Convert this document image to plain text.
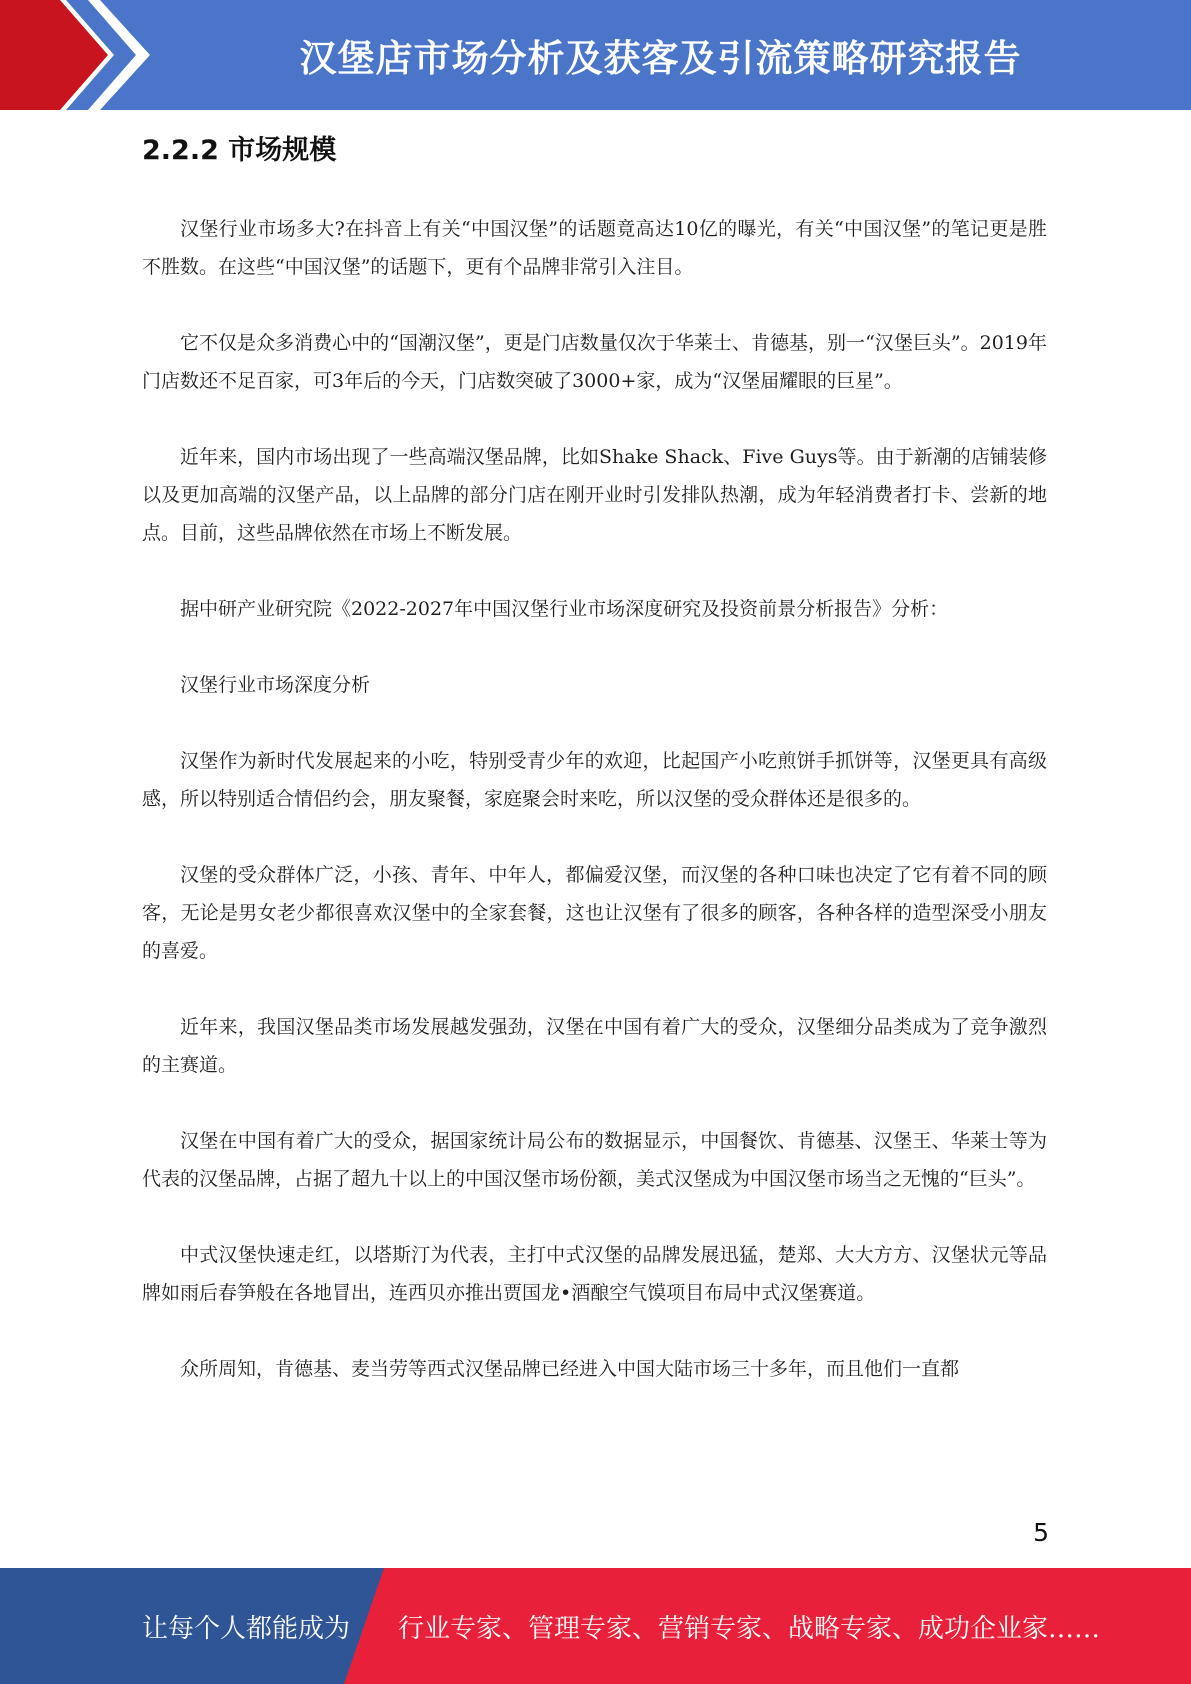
汉堡店市场分析及获客及引流策略研究报告
2.2.2 市场规模

汉堡行业市场多大?在抖音上有关“中国汉堡”的话题竟高达10亿的曝光，有关“中国汉堡”的笔记更是胜不胜数。在这些“中国汉堡”的话题下，更有个品牌非常引入注目。

它不仅是众多消费心中的“国潮汉堡”，更是门店数量仅次于华莱士、肯德基，别一“汉堡巨头”。2019年门店数还不足百家，可3年后的今天，门店数突破了3000+家，成为“汉堡届耀眼的巨星”。

近年来，国内市场出现了一些高端汉堡品牌，比如Shake Shack、Five Guys等。由于新潮的店铺装修以及更加高端的汉堡产品，以上品牌的部分门店在刚开业时引发排队热潮，成为年轻消费者打卡、尝新的地点。目前，这些品牌依然在市场上不断发展。

据中研产业研究院《2022-2027年中国汉堡行业市场深度研究及投资前景分析报告》分析：

汉堡行业市场深度分析

汉堡作为新时代发展起来的小吃，特别受青少年的欢迎，比起国产小吃煎饼手抓饼等，汉堡更具有高级感，所以特别适合情侣约会，朋友聚餐，家庭聚会时来吃，所以汉堡的受众群体还是很多的。

汉堡的受众群体广泛，小孩、青年、中年人，都偏爱汉堡，而汉堡的各种口味也决定了它有着不同的顾客，无论是男女老少都很喜欢汉堡中的全家套餐，这也让汉堡有了很多的顾客，各种各样的造型深受小朋友的喜爱。

近年来，我国汉堡品类市场发展越发强劲，汉堡在中国有着广大的受众，汉堡细分品类成为了竞争激烈的主赛道。

汉堡在中国有着广大的受众，据国家统计局公布的数据显示，中国餐饮、肯德基、汉堡王、华莱士等为代表的汉堡品牌，占据了超九十以上的中国汉堡市场份额，美式汉堡成为中国汉堡市场当之无愧的“巨头”。

中式汉堡快速走红，以塔斯汀为代表，主打中式汉堡的品牌发展迅猛，楚郑、大大方方、汉堡状元等品牌如雨后春笋般在各地冒出，连西贝亦推出贾国龙•酒酿空气馍项目布局中式汉堡赛道。

众所周知，肯德基、麦当劳等西式汉堡品牌已经进入中国大陆市场三十多年，而且他们一直都

5
让每个人都能成为 行业专家、管理专家、营销专家、战略专家、成功企业家……
